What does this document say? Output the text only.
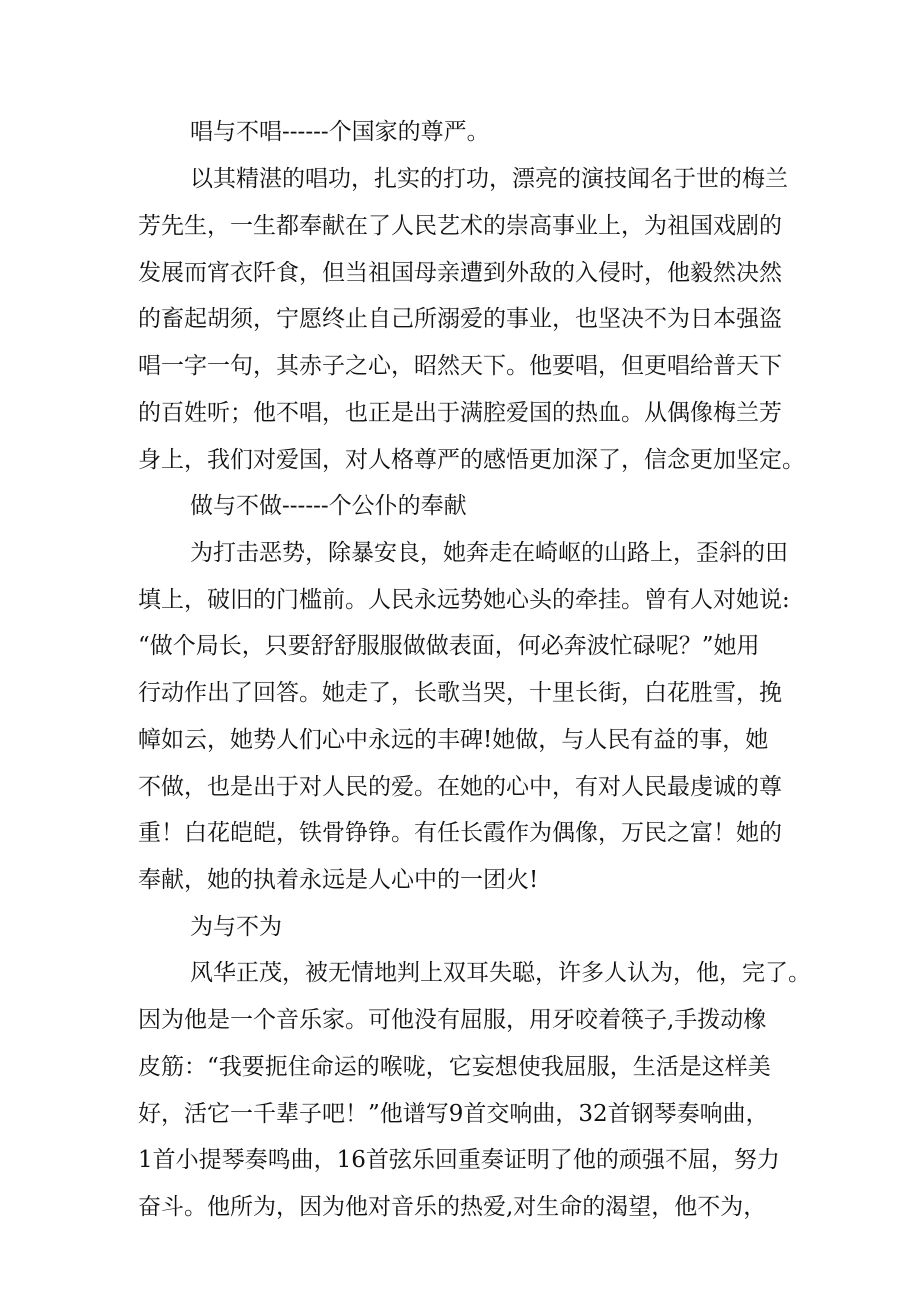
唱与不唱------个国家的尊严。
以其精湛的唱功，扎实的打功，漂亮的演技闻名于世的梅兰
芳先生，一生都奉献在了人民艺术的崇高事业上，为祖国戏剧的
发展而宵衣阡食，但当祖国母亲遭到外敌的入侵时，他毅然决然
的畜起胡须，宁愿终止自己所溺爱的事业，也坚决不为日本强盗
唱一字一句，其赤子之心，昭然天下。他要唱，但更唱给普天下
的百姓听；他不唱，也正是出于满腔爱国的热血。从偶像梅兰芳
身上，我们对爱国，对人格尊严的感悟更加深了，信念更加坚定。
做与不做------个公仆的奉献
为打击恶势，除暴安良，她奔走在崎岖的山路上，歪斜的田
填上，破旧的门槛前。人民永远势她心头的牵挂。曾有人对她说:
“做个局长，只要舒舒服服做做表面，何必奔波忙碌呢？”她用
行动作出了回答。她走了，长歌当哭，十里长街，白花胜雪，挽
幛如云，她势人们心中永远的丰碑!她做，与人民有益的事，她
不做，也是出于对人民的爱。在她的心中，有对人民最虔诚的尊
重！白花皑皑，铁骨铮铮。有任长霞作为偶像，万民之富！她的
奉献，她的执着永远是人心中的一团火!
为与不为
风华正茂，被无情地判上双耳失聪，许多人认为，他，完了。
因为他是一个音乐家。可他没有屈服，用牙咬着筷子,手拨动橡
皮筋：“我要扼住命运的喉咙，它妄想使我屈服，生活是这样美
好，活它一千辈子吧！”他谱写9首交响曲，32首钢琴奏响曲，
1首小提琴奏鸣曲，16首弦乐回重奏证明了他的顽强不屈，努力
奋斗。他所为，因为他对音乐的热爱,对生命的渴望，他不为，
